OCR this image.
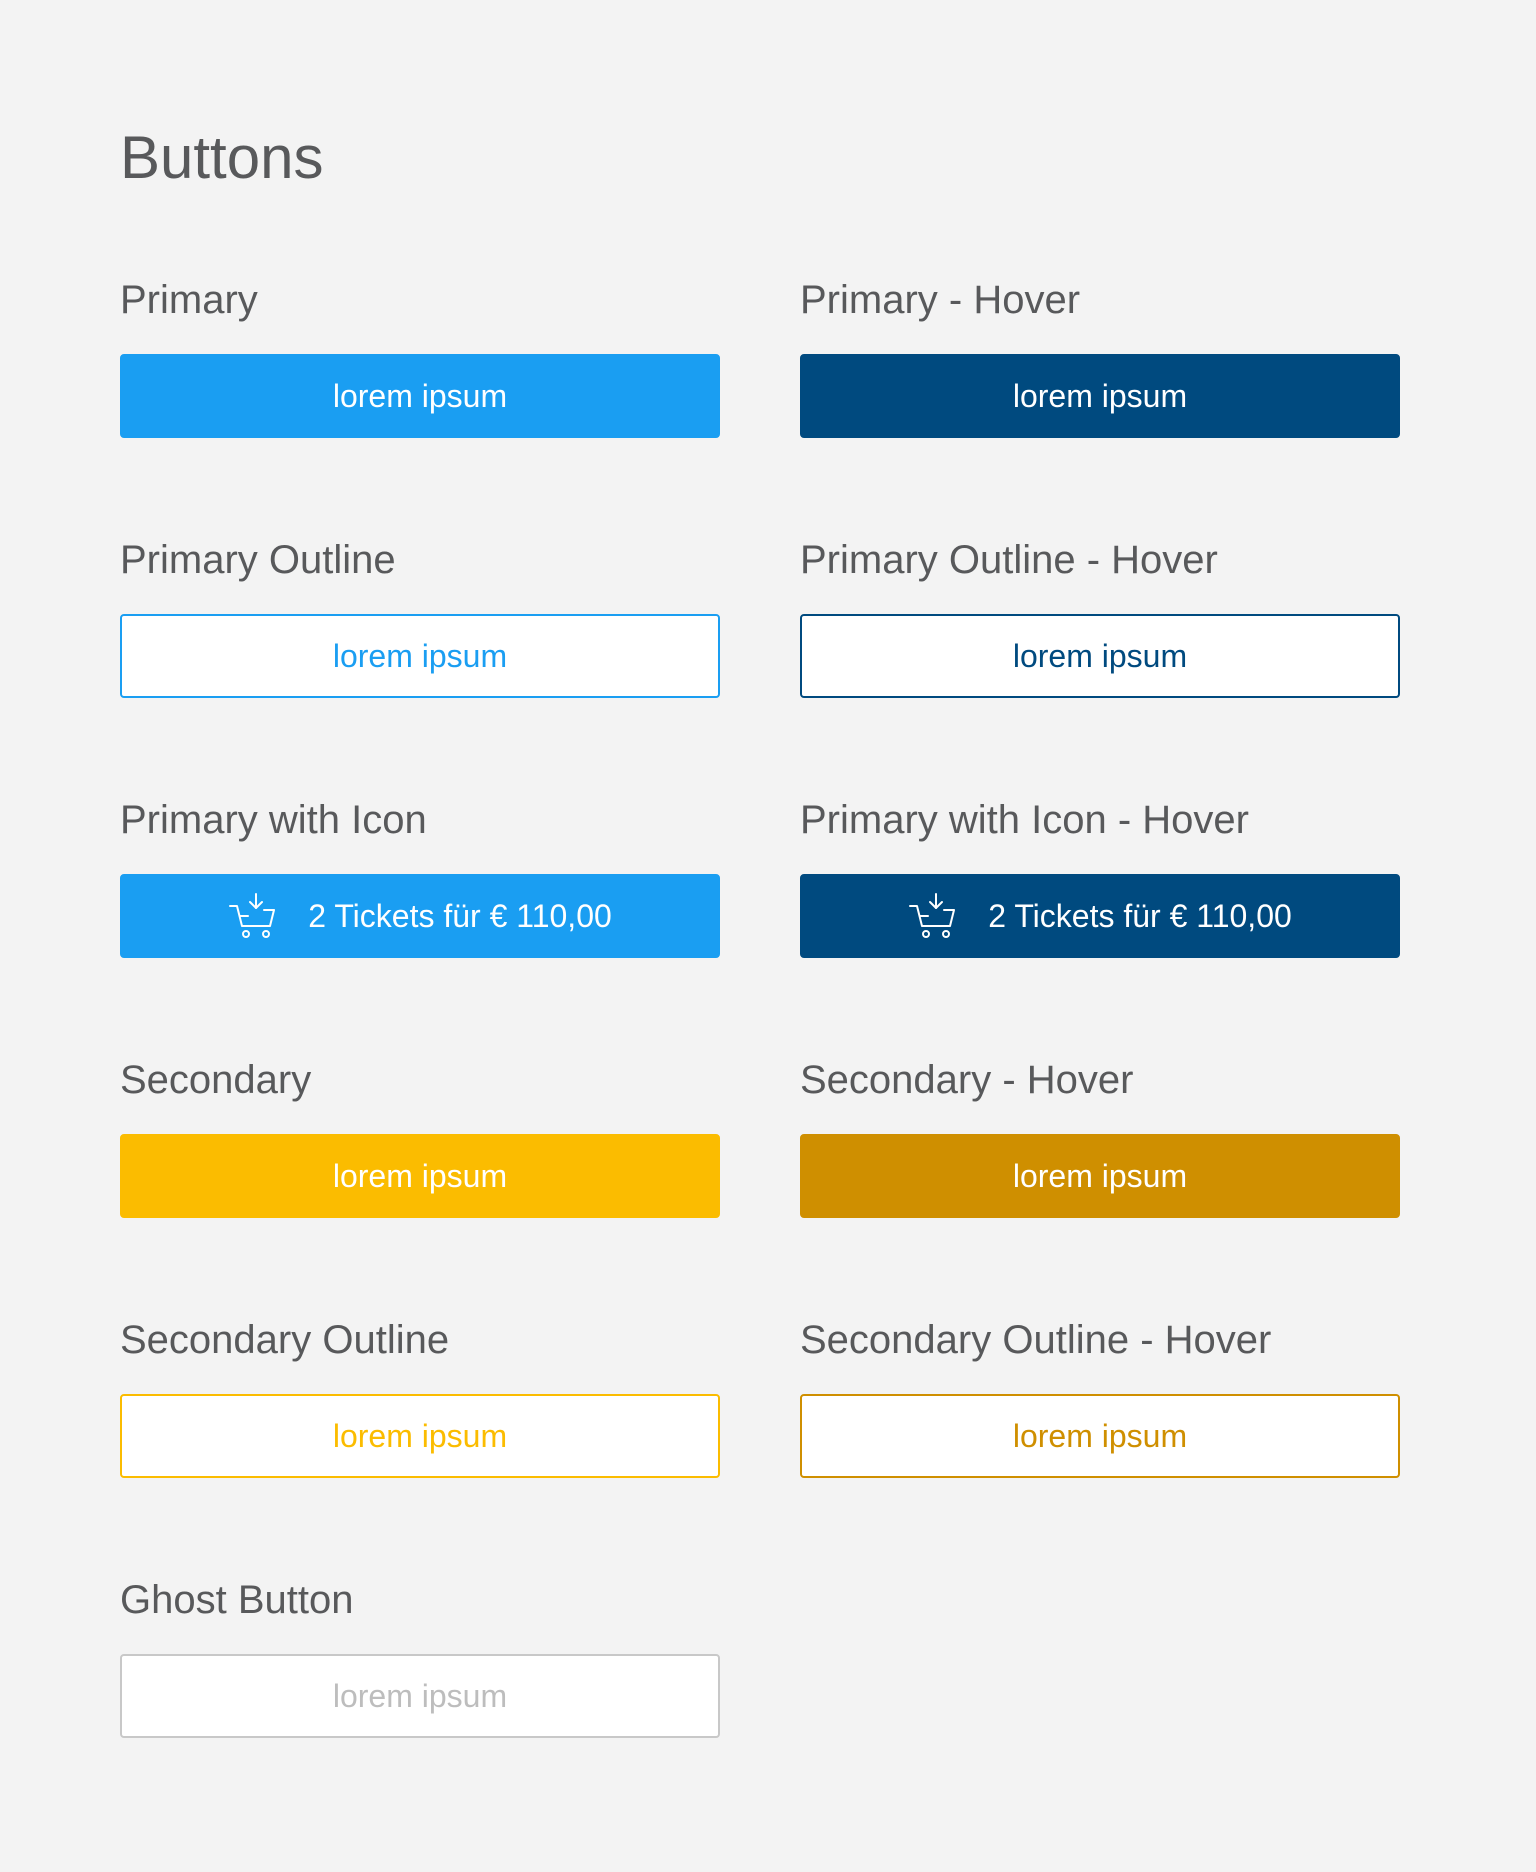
Buttons
Primary
lorem ipsum
Primary - Hover
lorem ipsum
Primary Outline
lorem ipsum
Primary Outline - Hover
lorem ipsum
Primary with Icon
2 Tickets für € 110,00
Primary with Icon - Hover
2 Tickets für € 110,00
Secondary
lorem ipsum
Secondary - Hover
lorem ipsum
Secondary Outline
lorem ipsum
Secondary Outline - Hover
lorem ipsum
Ghost Button
lorem ipsum
